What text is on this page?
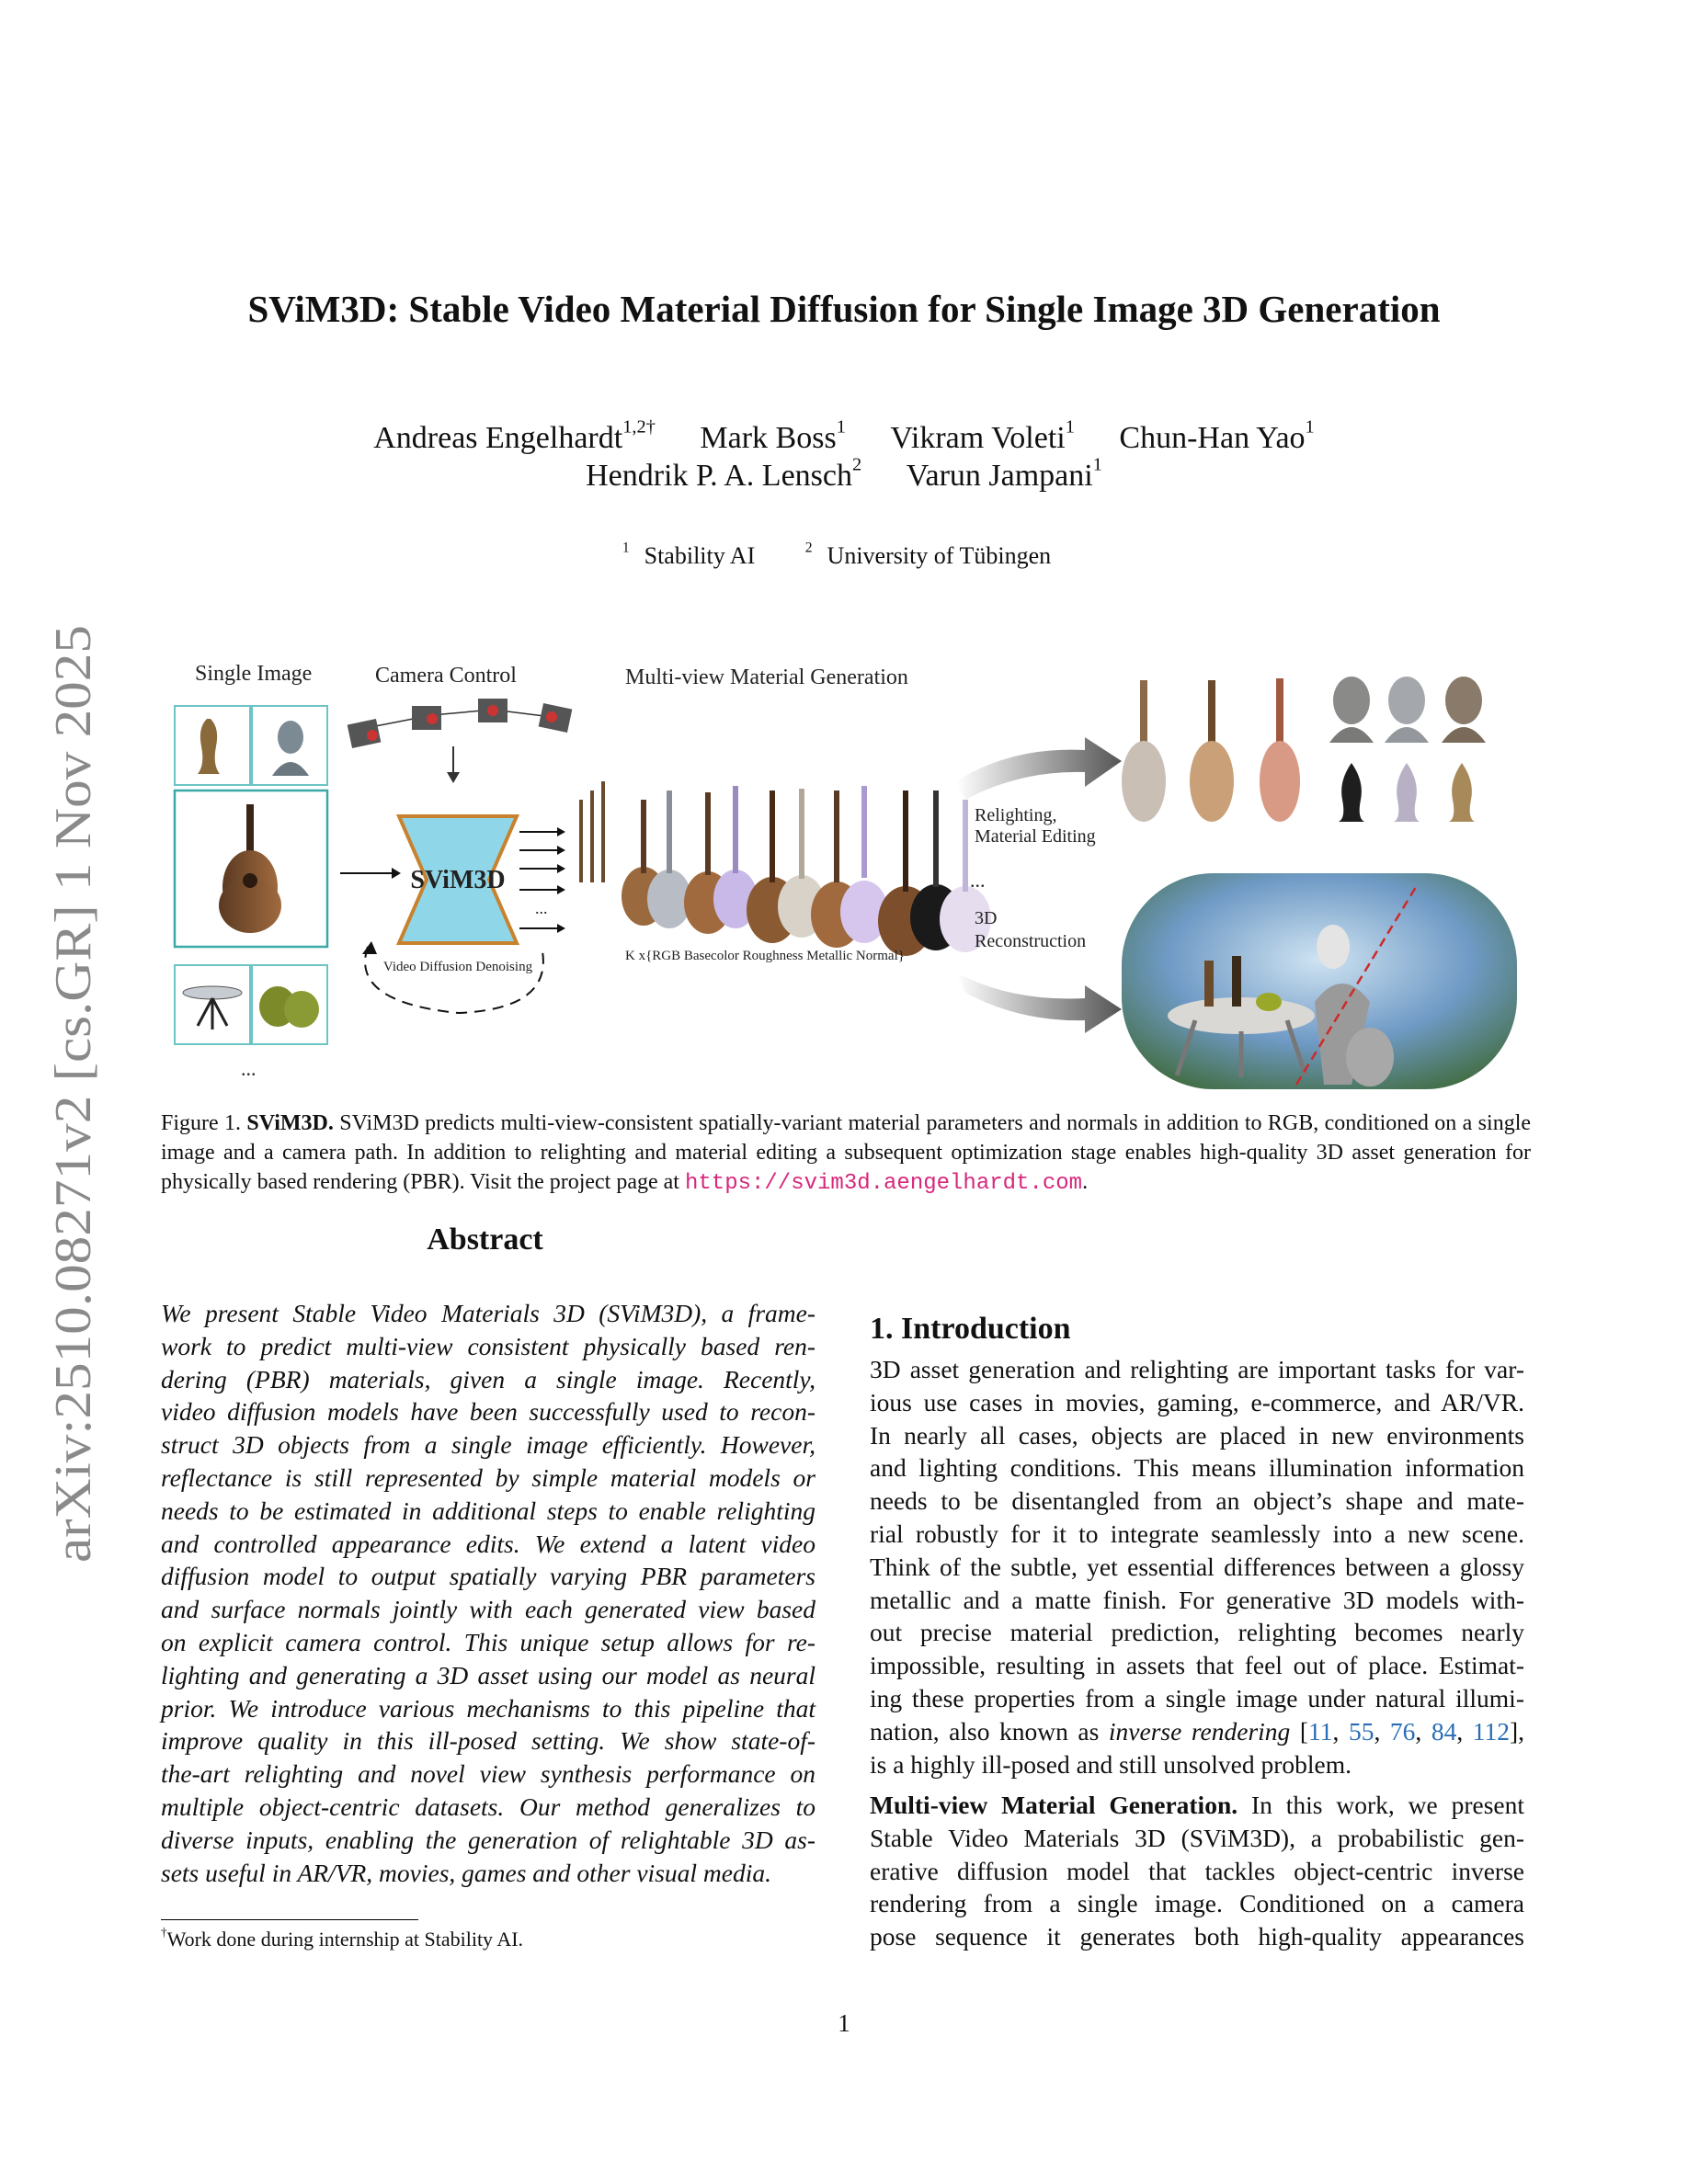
arXiv:2510.08271v2 [cs.GR] 1 Nov 2025
SViM3D: Stable Video Material Diffusion for Single Image 3D Generation
Andreas Engelhardt$^{1,2\dagger}$ Mark Boss$^1$ Vikram Voleti$^1$ Chun-Han Yao$^1$
Hendrik P. A. Lensch$^2$ Varun Jampani$^1$
$^1$ Stability AI	$^2$ University of Tübingen
Single Image	Camera Control	Multi-view Material Generation
...
SViM3D
...
Video Diffusion Denoising
...
K x{RGB Basecolor Roughness Metallic Normal}
Relighting,
Material Editing
3D
Reconstruction
Figure 1. SViM3D. SViM3D predicts multi-view-consistent spatially-variant material parameters and normals in addition to RGB, conditioned on a single image and a camera path. In addition to relighting and material editing a subsequent optimization stage enables high-quality 3D asset generation for physically based rendering (PBR). Visit the project page at https://svim3d.aengelhardt.com.
Abstract
We present Stable Video Materials 3D (SViM3D), a frame-
work to predict multi-view consistent physically based ren-
dering (PBR) materials, given a single image. Recently,
video diffusion models have been successfully used to recon-
struct 3D objects from a single image efficiently. However,
reflectance is still represented by simple material models or
needs to be estimated in additional steps to enable relighting
and controlled appearance edits. We extend a latent video
diffusion model to output spatially varying PBR parameters
and surface normals jointly with each generated view based
on explicit camera control. This unique setup allows for re-
lighting and generating a 3D asset using our model as neural
prior. We introduce various mechanisms to this pipeline that
improve quality in this ill-posed setting. We show state-of-
the-art relighting and novel view synthesis performance on
multiple object-centric datasets. Our method generalizes to
diverse inputs, enabling the generation of relightable 3D as-
sets useful in AR/VR, movies, games and other visual media.
†Work done during internship at Stability AI.
1. Introduction
3D asset generation and relighting are important tasks for var-
ious use cases in movies, gaming, e-commerce, and AR/VR.
In nearly all cases, objects are placed in new environments
and lighting conditions. This means illumination information
needs to be disentangled from an object’s shape and mate-
rial robustly for it to integrate seamlessly into a new scene.
Think of the subtle, yet essential differences between a glossy
metallic and a matte finish. For generative 3D models with-
out precise material prediction, relighting becomes nearly
impossible, resulting in assets that feel out of place. Estimat-
ing these properties from a single image under natural illumi-
nation, also known as inverse rendering [11, 55, 76, 84, 112],
is a highly ill-posed and still unsolved problem.
Multi-view Material Generation. In this work, we present
Stable Video Materials 3D (SViM3D), a probabilistic gen-
erative diffusion model that tackles object-centric inverse
rendering from a single image. Conditioned on a camera
pose sequence it generates both high-quality appearances
1
